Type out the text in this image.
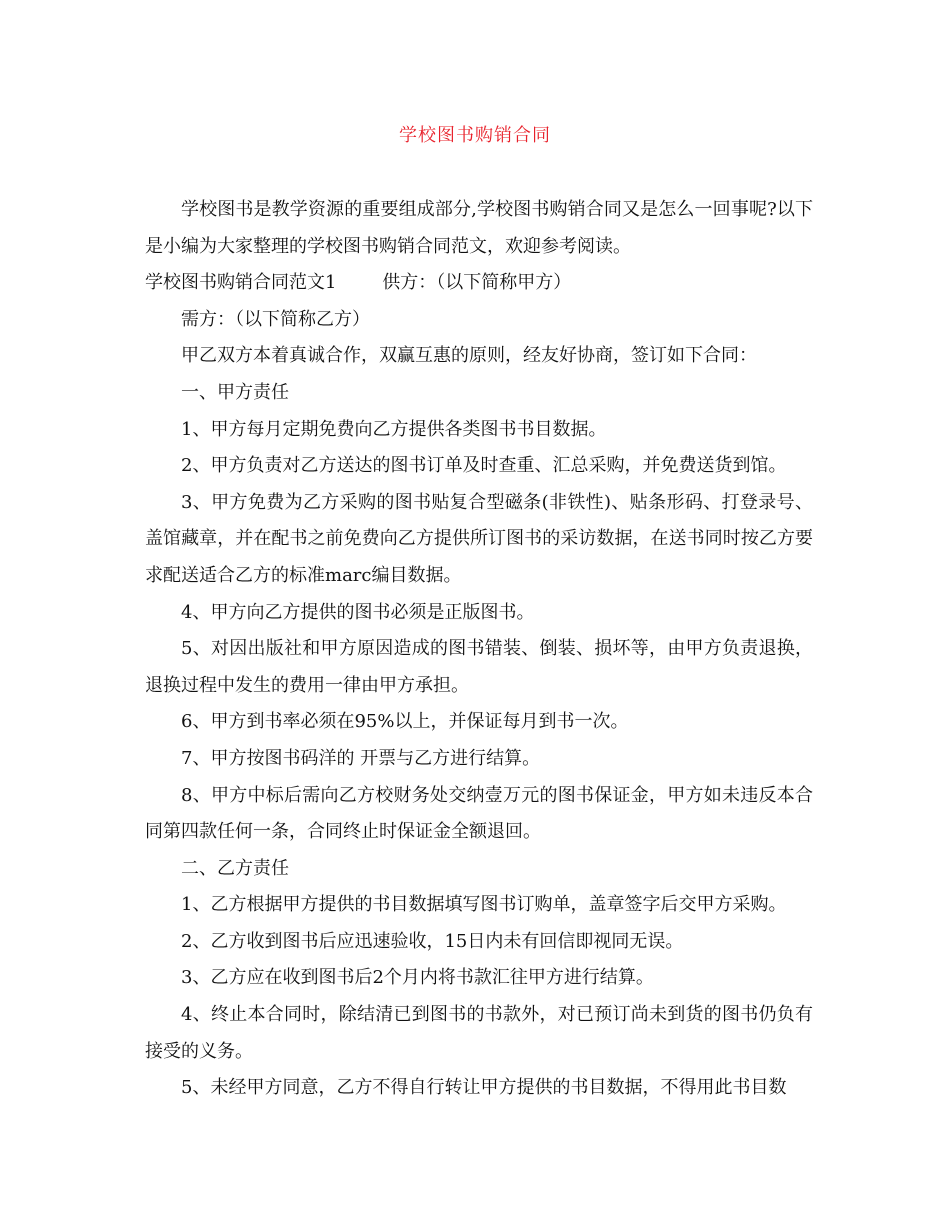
学校图书购销合同

学校图书是教学资源的重要组成部分,学校图书购销合同又是怎么一回事呢?以下是小编为大家整理的学校图书购销合同范文，欢迎参考阅读。

学校图书购销合同范文1        供方：（以下简称甲方）

需方：（以下简称乙方）

甲乙双方本着真诚合作，双赢互惠的原则，经友好协商，签订如下合同：

一、甲方责任

1、甲方每月定期免费向乙方提供各类图书书目数据。

2、甲方负责对乙方送达的图书订单及时查重、汇总采购，并免费送货到馆。

3、甲方免费为乙方采购的图书贴复合型磁条(非铁性)、贴条形码、打登录号、盖馆藏章，并在配书之前免费向乙方提供所订图书的采访数据，在送书同时按乙方要求配送适合乙方的标准marc编目数据。

4、甲方向乙方提供的图书必须是正版图书。

5、对因出版社和甲方原因造成的图书错装、倒装、损坏等，由甲方负责退换，退换过程中发生的费用一律由甲方承担。

6、甲方到书率必须在95%以上，并保证每月到书一次。

7、甲方按图书码洋的 开票与乙方进行结算。

8、甲方中标后需向乙方校财务处交纳壹万元的图书保证金，甲方如未违反本合同第四款任何一条，合同终止时保证金全额退回。

二、乙方责任

1、乙方根据甲方提供的书目数据填写图书订购单，盖章签字后交甲方采购。

2、乙方收到图书后应迅速验收，15日内未有回信即视同无误。

3、乙方应在收到图书后2个月内将书款汇往甲方进行结算。

4、终止本合同时，除结清已到图书的书款外，对已预订尚未到货的图书仍负有接受的义务。

5、未经甲方同意，乙方不得自行转让甲方提供的书目数据，不得用此书目数
